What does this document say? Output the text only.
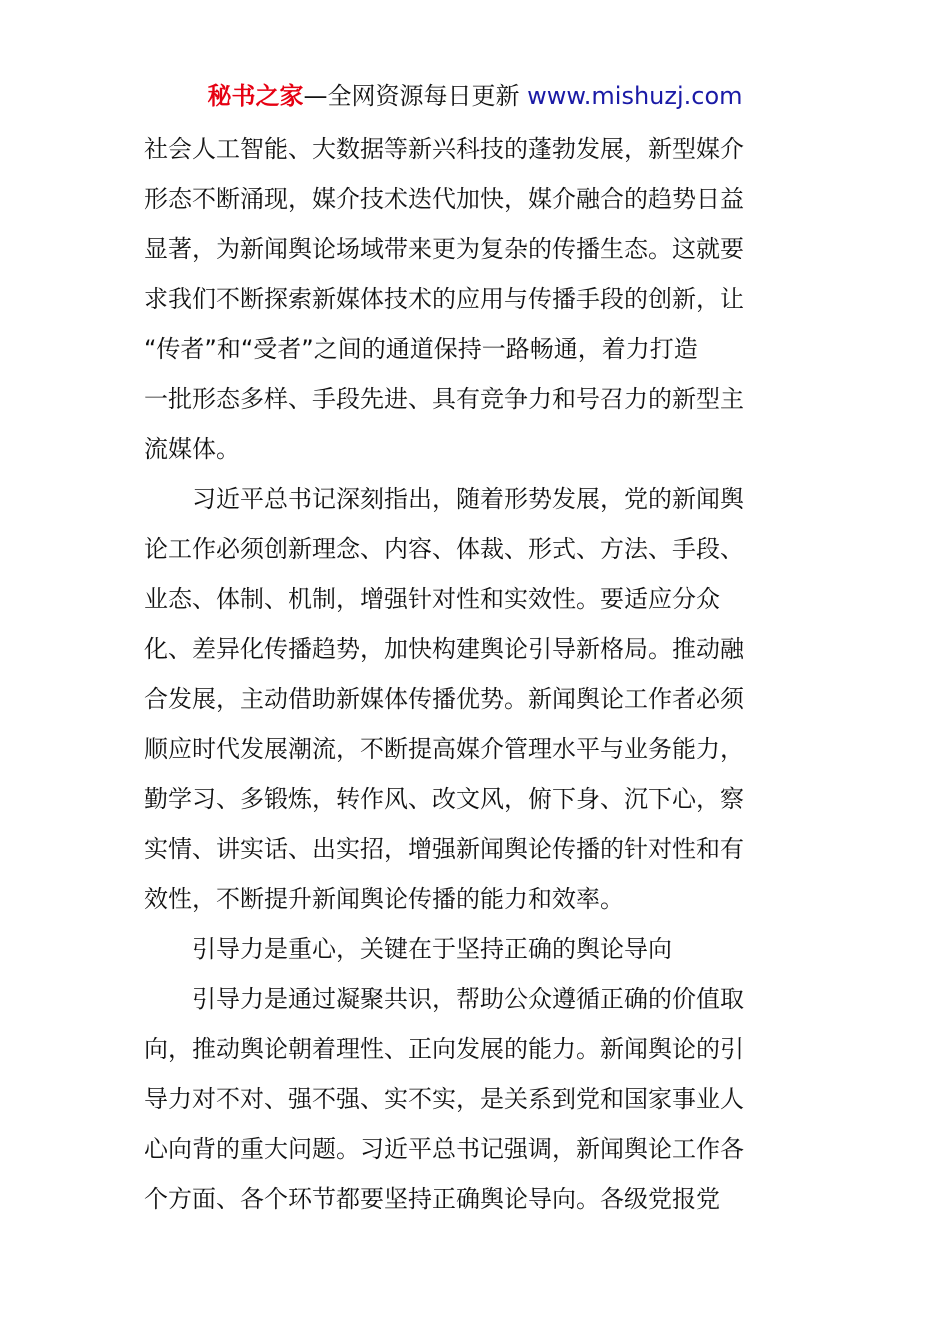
秘书之家—全网资源每日更新 www.mishuzj.com
社会人工智能、大数据等新兴科技的蓬勃发展，新型媒介
形态不断涌现，媒介技术迭代加快，媒介融合的趋势日益
显著，为新闻舆论场域带来更为复杂的传播生态。这就要
求我们不断探索新媒体技术的应用与传播手段的创新，让
“传者”和“受者”之间的通道保持一路畅通，着力打造
一批形态多样、手段先进、具有竞争力和号召力的新型主
流媒体。
习近平总书记深刻指出，随着形势发展，党的新闻舆
论工作必须创新理念、内容、体裁、形式、方法、手段、
业态、体制、机制，增强针对性和实效性。要适应分众
化、差异化传播趋势，加快构建舆论引导新格局。推动融
合发展，主动借助新媒体传播优势。新闻舆论工作者必须
顺应时代发展潮流，不断提高媒介管理水平与业务能力，
勤学习、多锻炼，转作风、改文风，俯下身、沉下心，察
实情、讲实话、出实招，增强新闻舆论传播的针对性和有
效性，不断提升新闻舆论传播的能力和效率。
引导力是重心，关键在于坚持正确的舆论导向
引导力是通过凝聚共识，帮助公众遵循正确的价值取
向，推动舆论朝着理性、正向发展的能力。新闻舆论的引
导力对不对、强不强、实不实，是关系到党和国家事业人
心向背的重大问题。习近平总书记强调，新闻舆论工作各
个方面、各个环节都要坚持正确舆论导向。各级党报党
